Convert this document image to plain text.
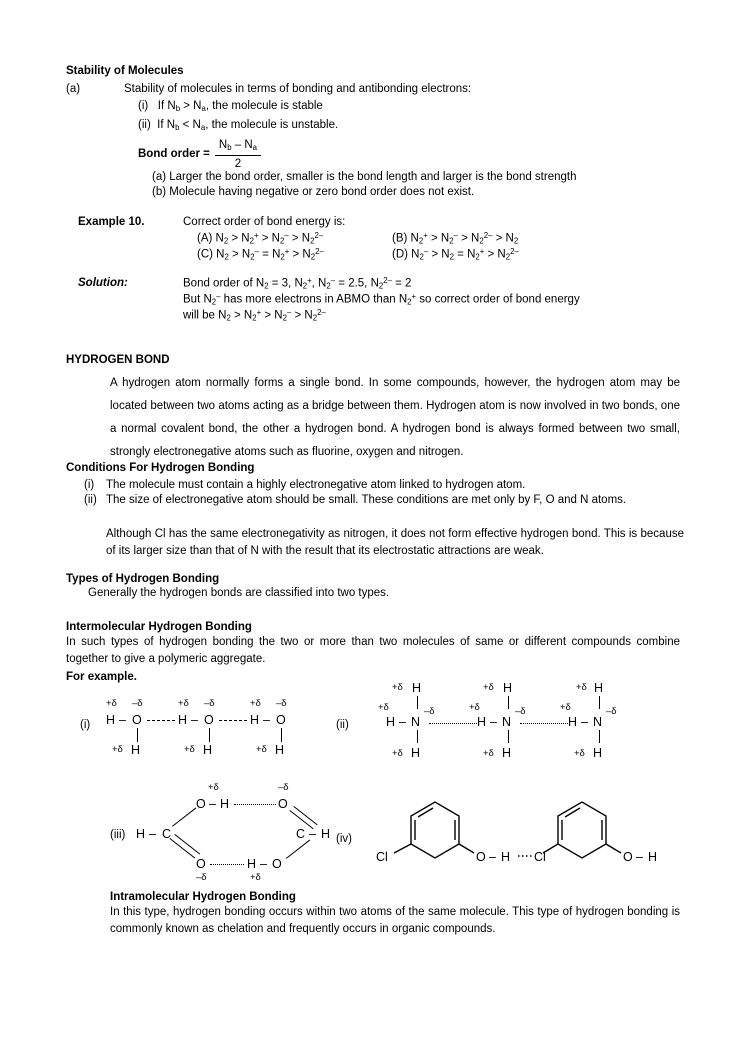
Stability of Molecules
(a)	Stability of molecules in terms of bonding and antibonding electrons:
(i)   If $N_b > N_a$, the molecule is stable
(ii)  If $N_b < N_a$, the molecule is unstable.
Bond order = $\frac{N_b - N_a}{2}$
(a) Larger the bond order, smaller is the bond length and larger is the bond strength
(b) Molecule having negative or zero bond order does not exist.
Example 10.	Correct order of bond energy is:
(A) $N_2 > N_2^+ > N_2^- > N_2^{2-}$	(B) $N_2^+ > N_2^- > N_2^{2-} > N_2$
(C) $N_2 > N_2^- = N_2^+ > N_2^{2-}$	(D) $N_2^- > N_2 = N_2^+ > N_2^{2-}$
Solution:	Bond order of $N_2 = 3$, $N_2^+$, $N_2^- = 2.5$, $N_2^{2-} = 2$
But $N_2^-$ has more electrons in ABMO than $N_2^+$ so correct order of bond energy
will be $N_2 > N_2^+ > N_2^- > N_2^{2-}$
HYDROGEN BOND
A hydrogen atom normally forms a single bond. In some compounds, however, the hydrogen atom may be located between two atoms acting as a bridge between them. Hydrogen atom is now involved in two bonds, one a normal covalent bond, the other a hydrogen bond. A hydrogen bond is always formed between two small, strongly electronegative atoms such as fluorine, oxygen and nitrogen.
Conditions For Hydrogen Bonding
(i) The molecule must contain a highly electronegative atom linked to hydrogen atom.
(ii) The size of electronegative atom should be small. These conditions are met only by F, O and N atoms.
Although Cl has the same electronegativity as nitrogen, it does not form effective hydrogen bond. This is because of its larger size than that of N with the result that its electrostatic attractions are weak.
Types of Hydrogen Bonding
Generally the hydrogen bonds are classified into two types.
Intermolecular Hydrogen Bonding
In such types of hydrogen bonding the two or more than two molecules of same or different compounds combine together to give a polymeric aggregate.
For example.
(i)
+δ –δ
H – O
+δ H
+δ –δ
H – O
+δ H
+δ –δ
H – O
+δ H
(ii)
+δ H
+δ
H – N
–δ
+δ H
+δ H
+δ
H – N
–δ
+δ H
+δ H
+δ
H – N
–δ
+δ H
(iii) H – C
O – H
+δ
O
–δ
C – H
O
–δ
H – O
+δ
(iv)
Cl	O – H Cl	O – H
Intramolecular Hydrogen Bonding
In this type, hydrogen bonding occurs within two atoms of the same molecule. This type of hydrogen bonding is commonly known as chelation and frequently occurs in organic compounds.
